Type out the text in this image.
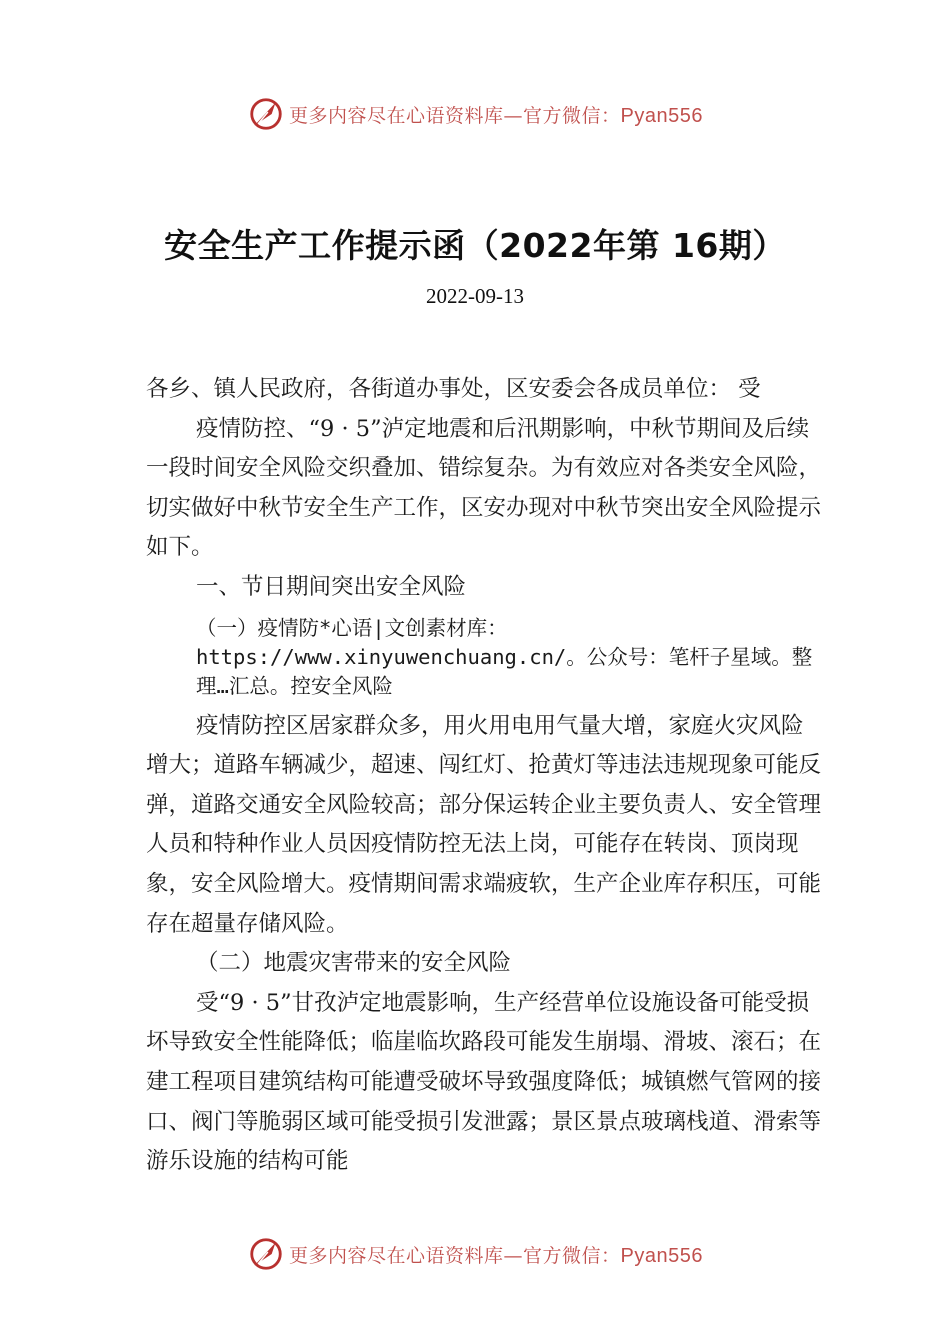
更多内容尽在心语资料库—官方微信：Pyan556
安全生产工作提示函（2022年第 16期）
2022-09-13

各乡、镇人民政府，各街道办事处，区安委会各成员单位： 受

疫情防控、“9 · 5”泸定地震和后汛期影响，中秋节期间及后续一段时间安全风险交织叠加、错综复杂。为有效应对各类安全风险，切实做好中秋节安全生产工作，区安办现对中秋节突出安全风险提示如下。

一、节日期间突出安全风险

（一）疫情防*心语|文创素材库：https://www.xinyuwenchuang.cn/。公众号：笔杆子星域。整理…汇总。控安全风险

疫情防控区居家群众多，用火用电用气量大增，家庭火灾风险增大；道路车辆减少，超速、闯红灯、抢黄灯等违法违规现象可能反弹，道路交通安全风险较高；部分保运转企业主要负责人、安全管理人员和特种作业人员因疫情防控无法上岗，可能存在转岗、顶岗现象，安全风险增大。疫情期间需求端疲软，生产企业库存积压，可能存在超量存储风险。

（二）地震灾害带来的安全风险

受“9 · 5”甘孜泸定地震影响，生产经营单位设施设备可能受损坏导致安全性能降低；临崖临坎路段可能发生崩塌、滑坡、滚石；在建工程项目建筑结构可能遭受破坏导致强度降低；城镇燃气管网的接口、阀门等脆弱区域可能受损引发泄露；景区景点玻璃栈道、滑索等游乐设施的结构可能

更多内容尽在心语资料库—官方微信：Pyan556
